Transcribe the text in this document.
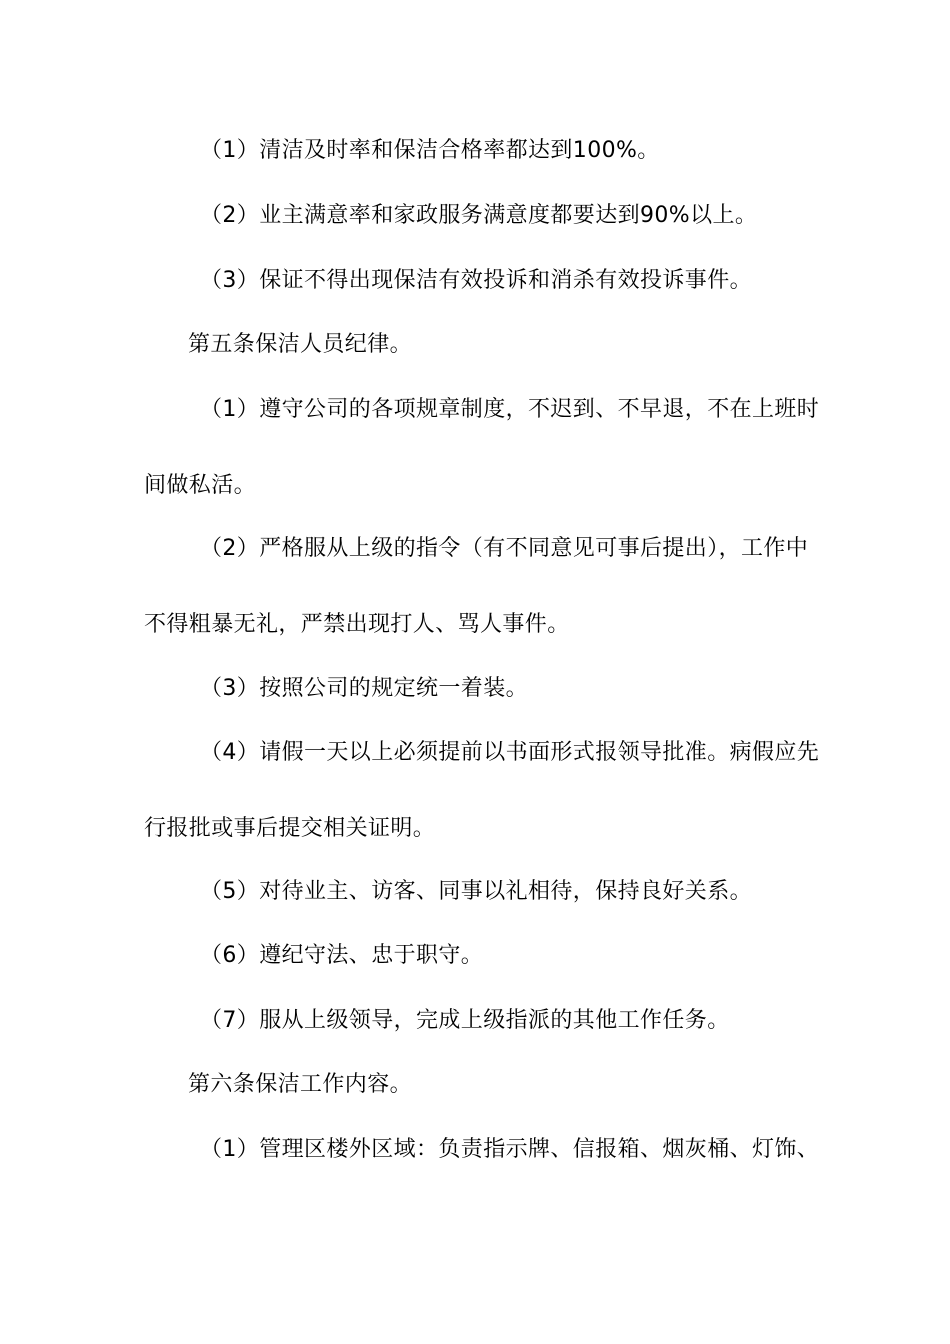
（1）清洁及时率和保洁合格率都达到100%。
（2）业主满意率和家政服务满意度都要达到90%以上。
（3）保证不得出现保洁有效投诉和消杀有效投诉事件。
第五条保洁人员纪律。
（1）遵守公司的各项规章制度，不迟到、不早退，不在上班时
间做私活。
（2）严格服从上级的指令（有不同意见可事后提出），工作中
不得粗暴无礼，严禁出现打人、骂人事件。
（3）按照公司的规定统一着装。
（4）请假一天以上必须提前以书面形式报领导批准。病假应先
行报批或事后提交相关证明。
（5）对待业主、访客、同事以礼相待，保持良好关系。
（6）遵纪守法、忠于职守。
（7）服从上级领导，完成上级指派的其他工作任务。
第六条保洁工作内容。
（1）管理区楼外区域：负责指示牌、信报箱、烟灰桶、灯饰、
